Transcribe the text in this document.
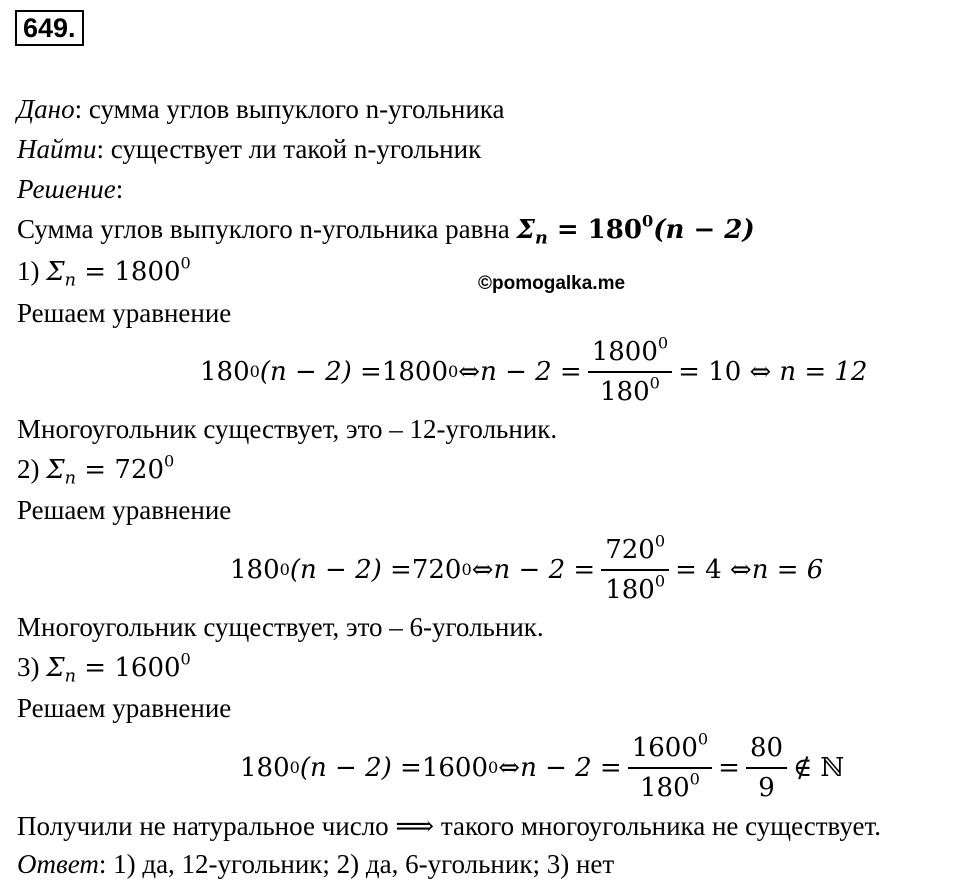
649.
Дано: сумма углов выпуклого n-угольника
Найти: существует ли такой n-угольник
Решение:
Сумма углов выпуклого n-угольника равна $\Sigma_n = 180^0(n - 2)$
1) $\Sigma_n = 1800^0$
©pomogalka.me
Решаем уравнение
180 0 (n − 2) = 1800 0 ⇔ $n - 2 = \frac{1800^0}{180^0} = 10$ ⇔ n = 12
Многоугольник существует, это – 12-угольник.
2) $\Sigma_n = 720^0$
Решаем уравнение
180 0 (n − 2) = 720 0 ⇔ $n - 2 = \frac{720^0}{180^0} = 4$ ⇔ n = 6
Многоугольник существует, это – 6-угольник.
3) $\Sigma_n = 1600^0$
Решаем уравнение
180 0 (n − 2) = 1600 0 ⇔ $n - 2 = \frac{1600^0}{180^0} = \frac{80}{9}$ ∉ ℕ
Получили не натуральное число ⟹ такого многоугольника не существует.
Ответ: 1) да, 12-угольник; 2) да, 6-угольник; 3) нет
